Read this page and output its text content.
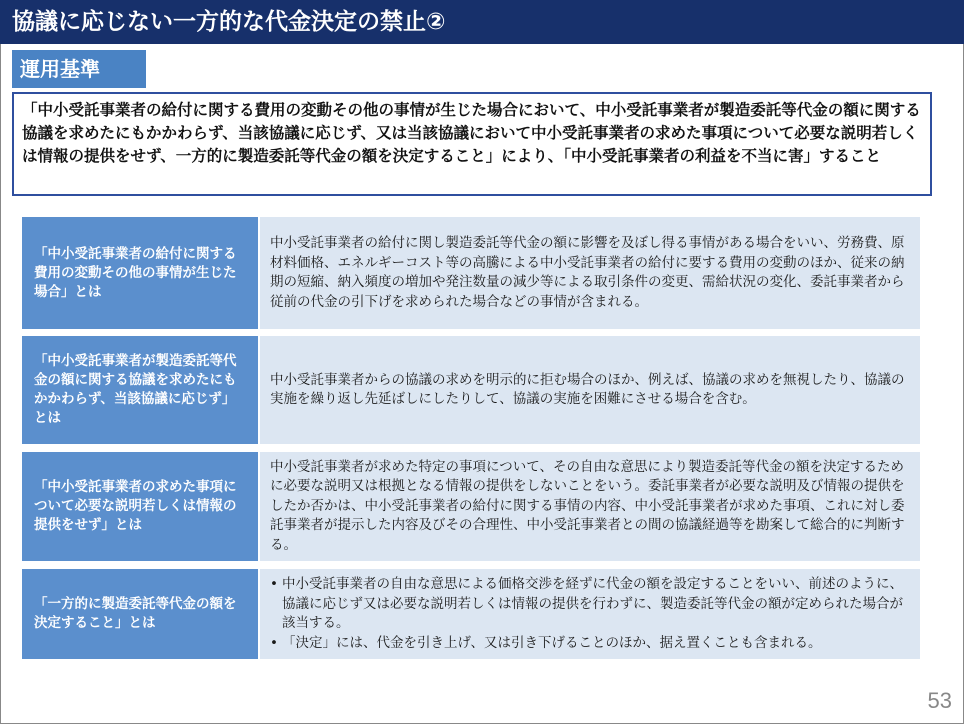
協議に応じない一方的な代金決定の禁止②
運用基準
「中小受託事業者の給付に関する費用の変動その他の事情が生じた場合において、中小受託事業者が製造委託等代金の額に関する協議を求めたにもかかわらず、当該協議に応じず、又は当該協議において中小受託事業者の求めた事項について必要な説明若しくは情報の提供をせず、一方的に製造委託等代金の額を決定すること」により、「中小受託事業者の利益を不当に害」すること
「中小受託事業者の給付に関する費用の変動その他の事情が生じた場合」とは
中小受託事業者の給付に関し製造委託等代金の額に影響を及ぼし得る事情がある場合をいい、労務費、原材料価格、エネルギーコスト等の高騰による中小受託事業者の給付に要する費用の変動のほか、従来の納期の短縮、納入頻度の増加や発注数量の減少等による取引条件の変更、需給状況の変化、委託事業者から従前の代金の引下げを求められた場合などの事情が含まれる。
「中小受託事業者が製造委託等代金の額に関する協議を求めたにもかかわらず、当該協議に応じず」とは
中小受託事業者からの協議の求めを明示的に拒む場合のほか、例えば、協議の求めを無視したり、協議の実施を繰り返し先延ばしにしたりして、協議の実施を困難にさせる場合を含む。
「中小受託事業者の求めた事項について必要な説明若しくは情報の提供をせず」とは
中小受託事業者が求めた特定の事項について、その自由な意思により製造委託等代金の額を決定するために必要な説明又は根拠となる情報の提供をしないことをいう。委託事業者が必要な説明及び情報の提供をしたか否かは、中小受託事業者の給付に関する事情の内容、中小受託事業者が求めた事項、これに対し委託事業者が提示した内容及びその合理性、中小受託事業者との間の協議経過等を勘案して総合的に判断する。
「一方的に製造委託等代金の額を決定すること」とは
• 中小受託事業者の自由な意思による価格交渉を経ずに代金の額を設定することをいい、前述のように、協議に応じず又は必要な説明若しくは情報の提供を行わずに、製造委託等代金の額が定められた場合が該当する。
• 「決定」には、代金を引き上げ、又は引き下げることのほか、据え置くことも含まれる。
53
